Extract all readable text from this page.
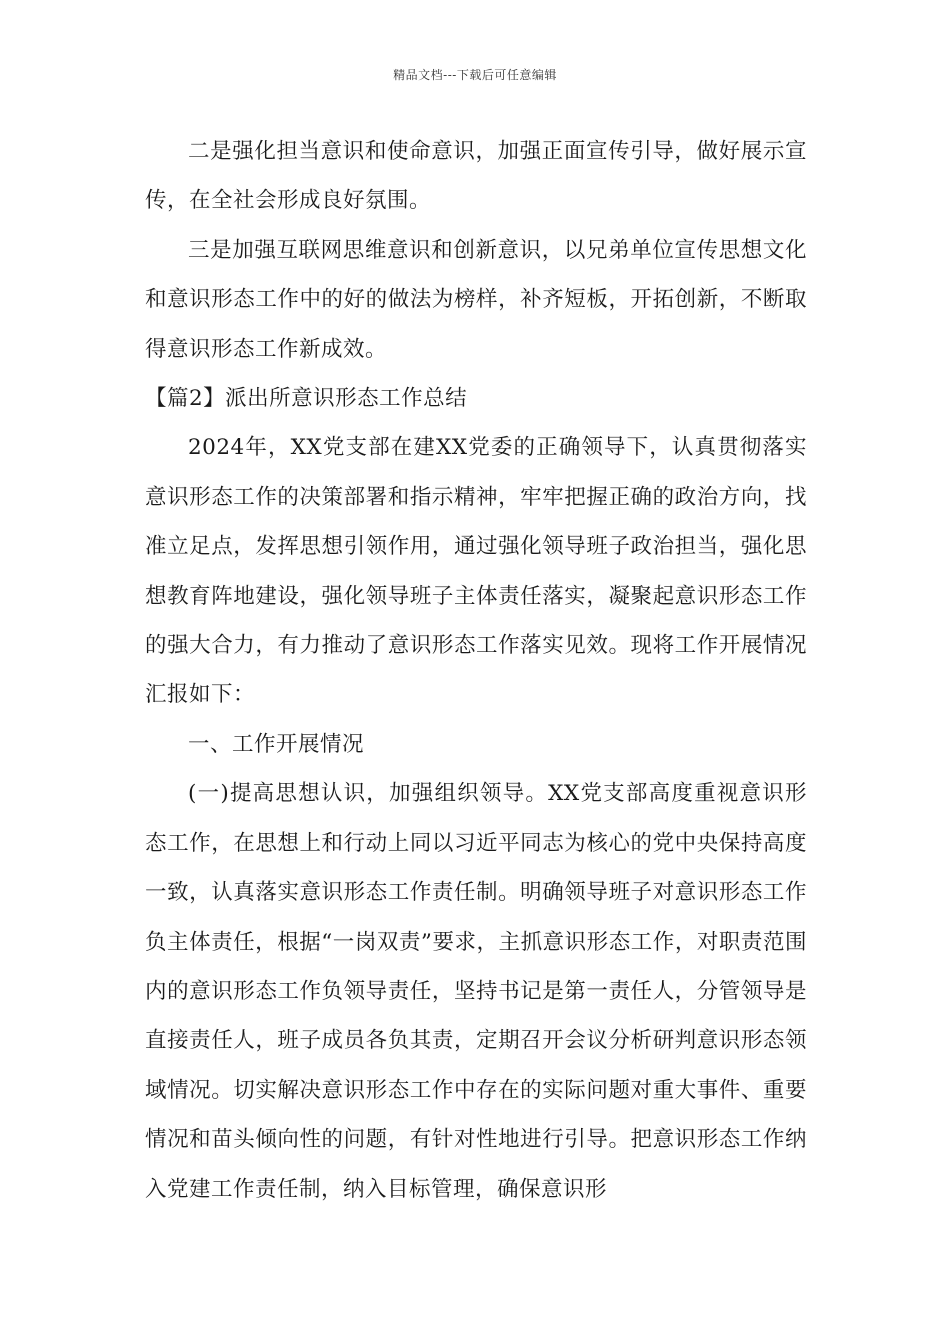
精品文档---下载后可任意编辑

二是强化担当意识和使命意识，加强正面宣传引导，做好展示宣传，在全社会形成良好氛围。

三是加强互联网思维意识和创新意识，以兄弟单位宣传思想文化和意识形态工作中的好的做法为榜样，补齐短板，开拓创新，不断取得意识形态工作新成效。

【篇2】派出所意识形态工作总结

2024年，XX党支部在建XX党委的正确领导下，认真贯彻落实意识形态工作的决策部署和指示精神，牢牢把握正确的政治方向，找准立足点，发挥思想引领作用，通过强化领导班子政治担当，强化思想教育阵地建设，强化领导班子主体责任落实，凝聚起意识形态工作的强大合力，有力推动了意识形态工作落实见效。现将工作开展情况汇报如下：

一、工作开展情况

(一)提高思想认识，加强组织领导。XX党支部高度重视意识形态工作，在思想上和行动上同以习近平同志为核心的党中央保持高度一致，认真落实意识形态工作责任制。明确领导班子对意识形态工作负主体责任，根据“一岗双责”要求，主抓意识形态工作，对职责范围内的意识形态工作负领导责任，坚持书记是第一责任人，分管领导是直接责任人，班子成员各负其责，定期召开会议分析研判意识形态领域情况。切实解决意识形态工作中存在的实际问题对重大事件、重要情况和苗头倾向性的问题，有针对性地进行引导。把意识形态工作纳入党建工作责任制，纳入目标管理，确保意识形
